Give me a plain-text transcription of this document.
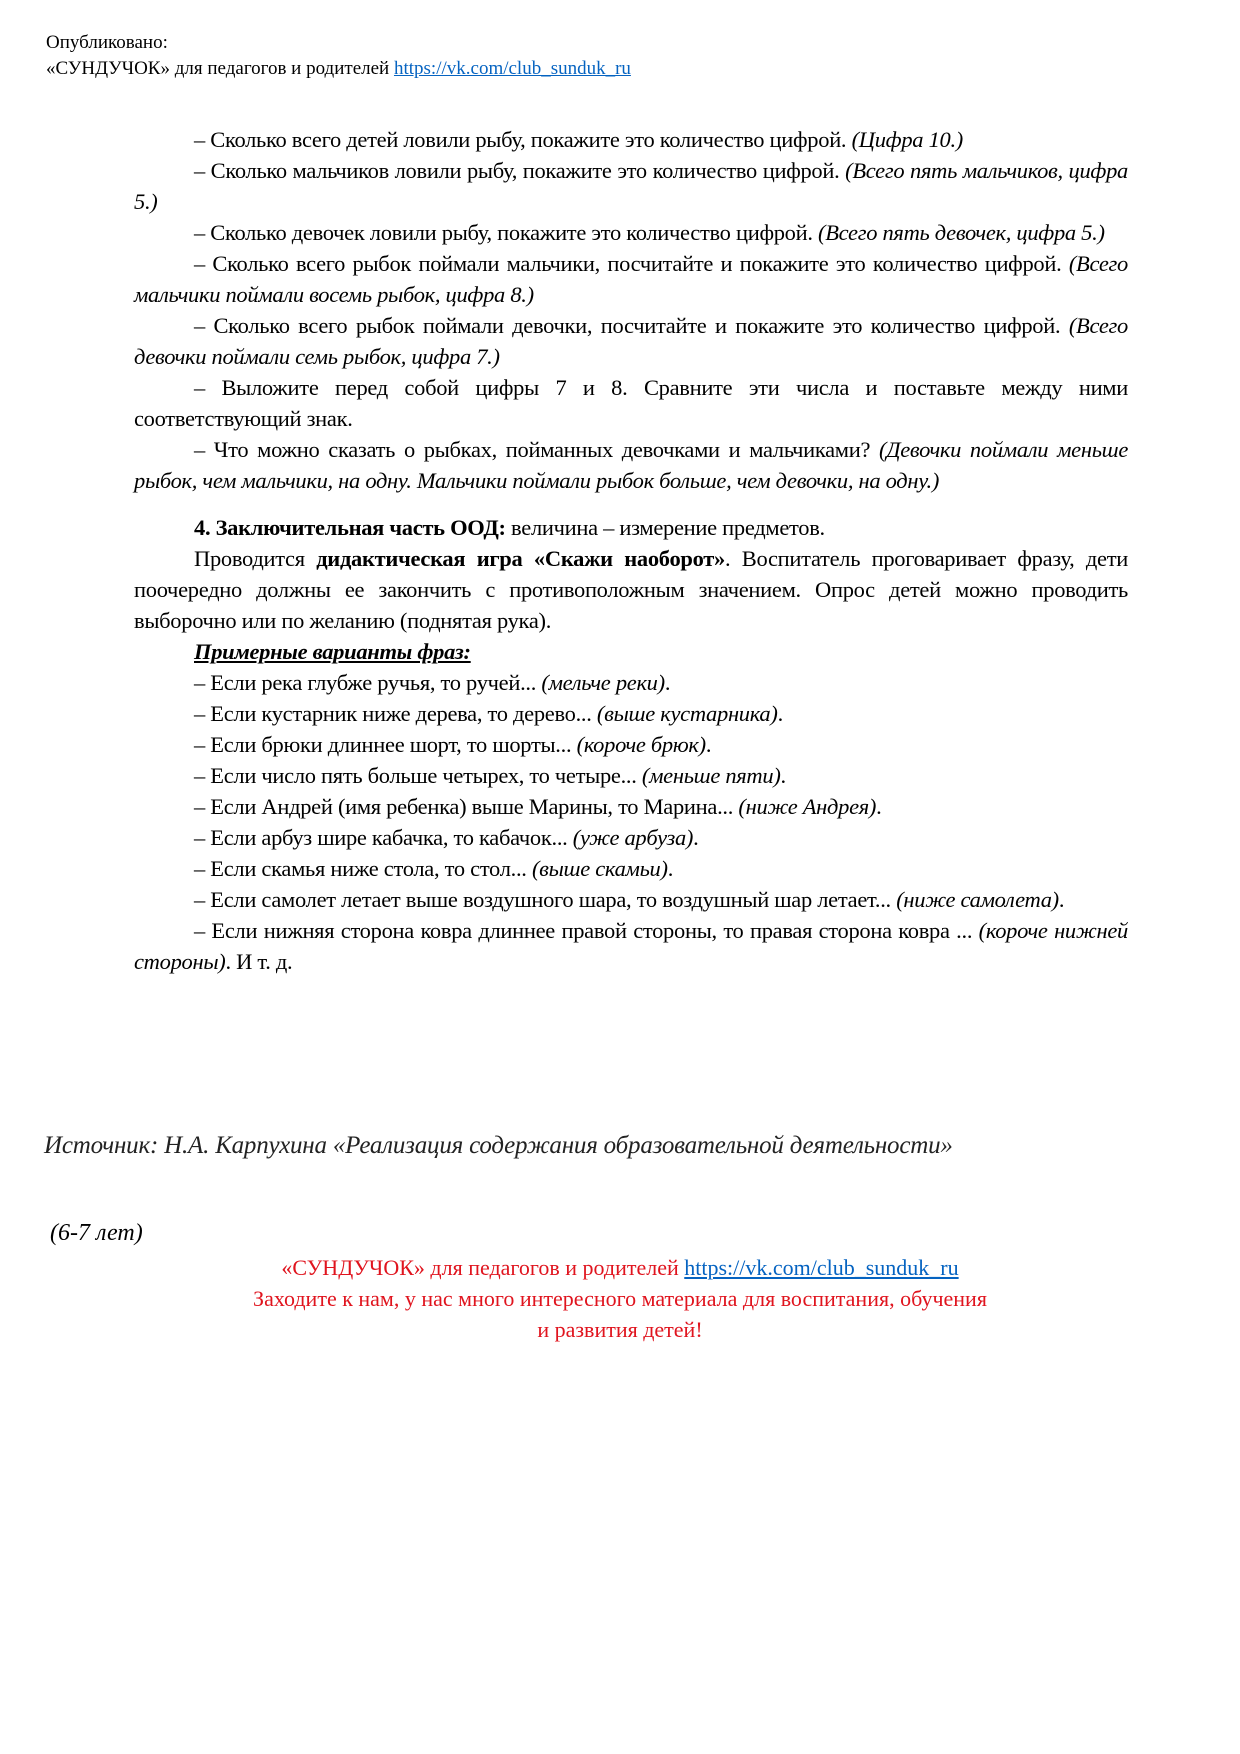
Опубликовано:
«СУНДУЧОК» для педагогов и родителей https://vk.com/club_sunduk_ru

– Сколько всего детей ловили рыбу, покажите это количество цифрой. (Цифра 10.)

– Сколько мальчиков ловили рыбу, покажите это количество цифрой. (Всего пять мальчиков, цифра 5.)

– Сколько девочек ловили рыбу, покажите это количество цифрой. (Всего пять девочек, цифра 5.)

– Сколько всего рыбок поймали мальчики, посчитайте и покажите это количество цифрой. (Всего мальчики поймали восемь рыбок, цифра 8.)

– Сколько всего рыбок поймали девочки, посчитайте и покажите это количество цифрой. (Всего девочки поймали семь рыбок, цифра 7.)

– Выложите перед собой цифры 7 и 8. Сравните эти числа и поставьте между ними соответствующий знак.

– Что можно сказать о рыбках, пойманных девочками и мальчиками? (Девочки поймали меньше рыбок, чем мальчики, на одну. Мальчики поймали рыбок больше, чем девочки, на одну.)

4. Заключительная часть ООД: величина – измерение предметов.

Проводится дидактическая игра «Скажи наоборот». Воспитатель проговаривает фразу, дети поочередно должны ее закончить с противоположным значением. Опрос детей можно проводить выборочно или по желанию (поднятая рука).

Примерные варианты фраз:

– Если река глубже ручья, то ручей... (мельче реки).

– Если кустарник ниже дерева, то дерево... (выше кустарника).

– Если брюки длиннее шорт, то шорты... (короче брюк).

– Если число пять больше четырех, то четыре... (меньше пяти).

– Если Андрей (имя ребенка) выше Марины, то Марина... (ниже Андрея).

– Если арбуз шире кабачка, то кабачок... (уже арбуза).

– Если скамья ниже стола, то стол... (выше скамьи).

– Если самолет летает выше воздушного шара, то воздушный шар летает... (ниже самолета).

– Если нижняя сторона ковра длиннее правой стороны, то правая сторона ковра ... (короче нижней стороны). И т. д.

Источник: Н.А. Карпухина «Реализация содержания образовательной деятельности»
(6-7 лет)
«СУНДУЧОК» для педагогов и родителей https://vk.com/club_sunduk_ru
Заходите к нам, у нас много интересного материала для воспитания, обучения
и развития детей!
